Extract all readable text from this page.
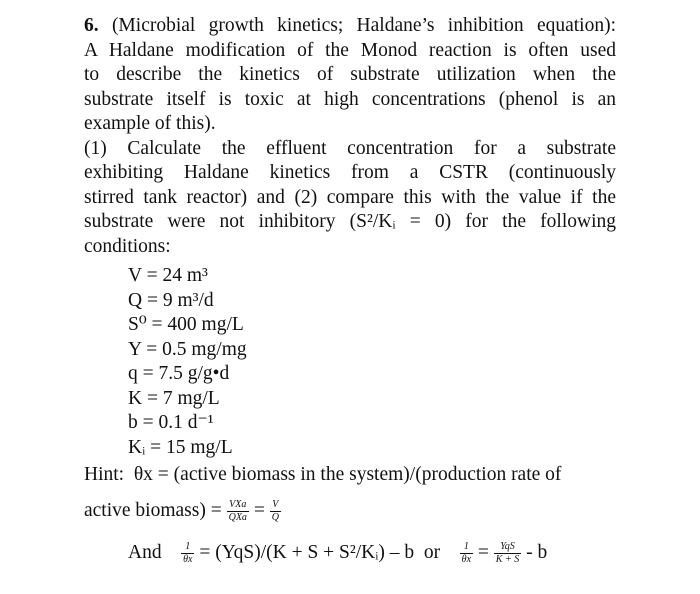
6. (Microbial growth kinetics; Haldane’s inhibition equation):
A Haldane modification of the Monod reaction is often used
to describe the kinetics of substrate utilization when the
substrate itself is toxic at high concentrations (phenol is an
example of this).
(1) Calculate the effluent concentration for a substrate
exhibiting Haldane kinetics from a CSTR (continuously
stirred tank reactor) and (2) compare this with the value if the
substrate were not inhibitory (S²/Kᵢ = 0) for the following
conditions:
V = 24 m³
Q = 9 m³/d
S⁰ = 400 mg/L
Y = 0.5 mg/mg
q = 7.5 g/g•d
K = 7 mg/L
b = 0.1 d⁻¹
Kᵢ = 15 mg/L
Hint: θx = (active biomass in the system)/(production rate of
active biomass) = $\frac{\text{VXa}}{\text{QXa}} = \frac{V}{Q}$
And $\frac{1}{\theta x} = (YqS)/(K + S$ + S²/Kᵢ) – b or $\frac{1}{\theta x} = \frac{\text{YqS}}{K + S} - b$
